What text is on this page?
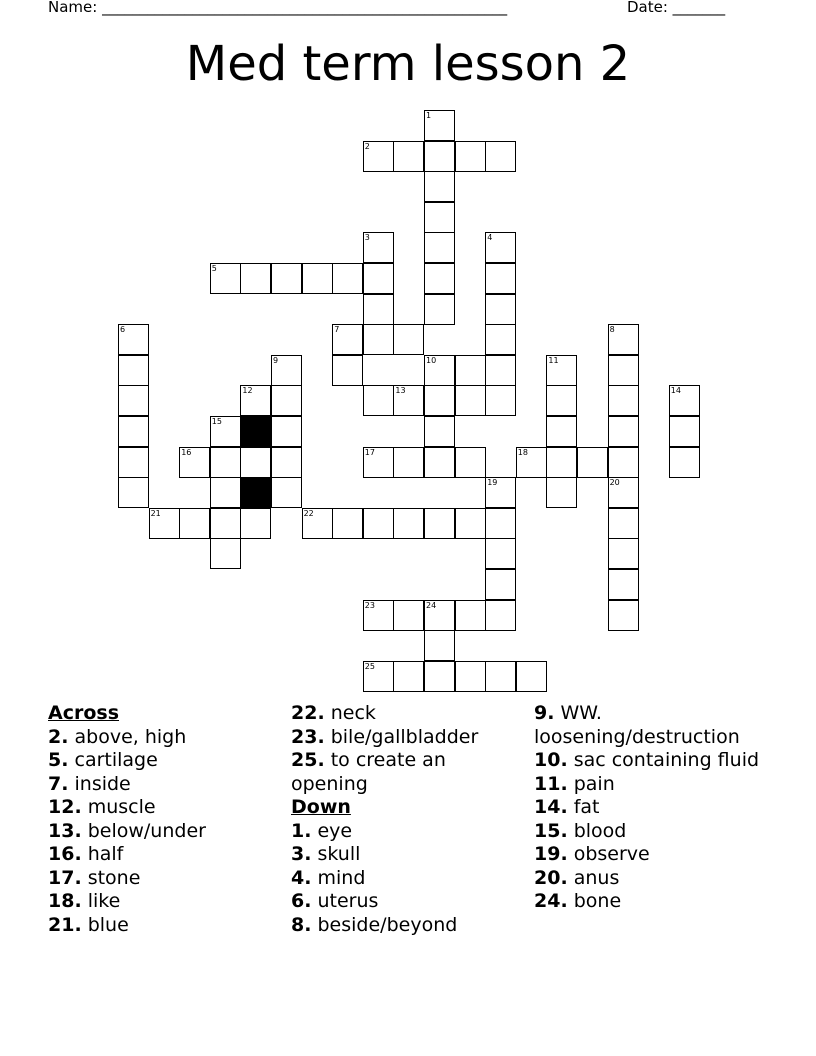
Name: ______________________________________________________	Date: _______
Med term lesson 2
1
2
3	4
5
6	7	8
9	10	11
12	13	14
15
16	17	18
19	20
21	22
23	24
25
Across
2. above, high
5. cartilage
7. inside
12. muscle
13. below/under
16. half
17. stone
18. like
21. blue
22. neck
23. bile/gallbladder
25. to create an opening
Down
1. eye
3. skull
4. mind
6. uterus
8. beside/beyond
9. WW. loosening/destruction
10. sac containing fluid
11. pain
14. fat
15. blood
19. observe
20. anus
24. bone
